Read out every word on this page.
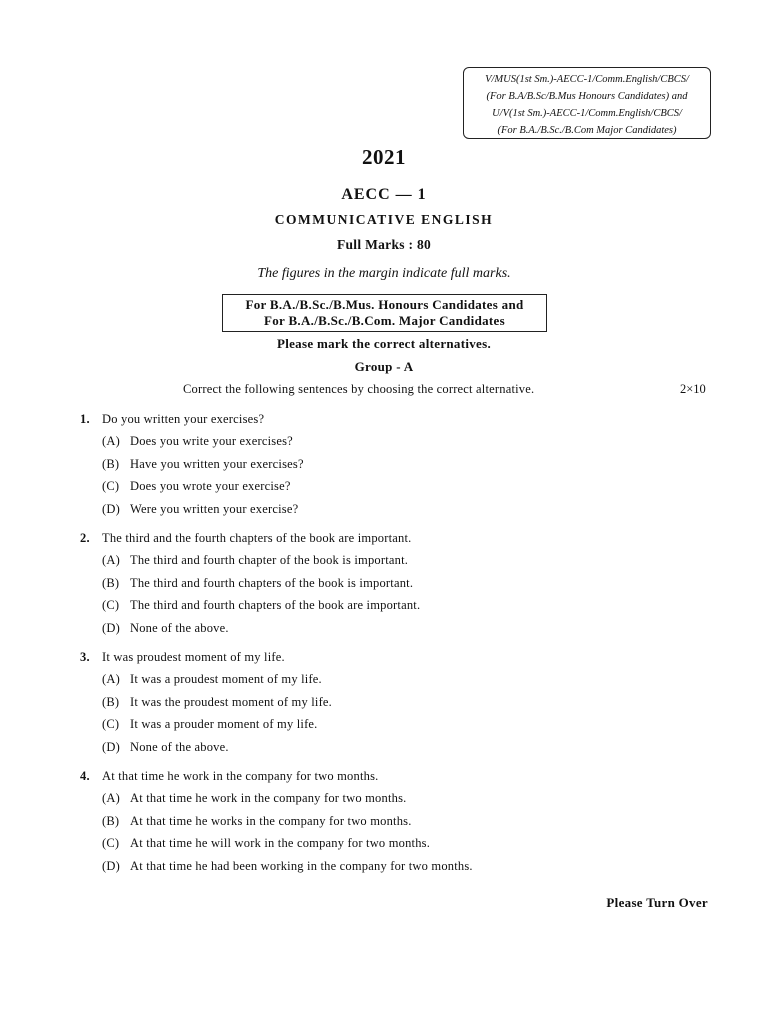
V/MUS(1st Sm.)-AECC-1/Comm.English/CBCS/
(For B.A/B.Sc/B.Mus Honours Candidates) and
U/V(1st Sm.)-AECC-1/Comm.English/CBCS/
(For B.A./B.Sc./B.Com Major Candidates)
2021
AECC — 1
COMMUNICATIVE ENGLISH
Full Marks : 80
The figures in the margin indicate full marks.
For B.A./B.Sc./B.Mus. Honours Candidates and
For B.A./B.Sc./B.Com. Major Candidates
Please mark the correct alternatives.
Group - A
Correct the following sentences by choosing the correct alternative.	2×10
1. Do you written your exercises?
(A) Does you write your exercises?
(B) Have you written your exercises?
(C) Does you wrote your exercise?
(D) Were you written your exercise?
2. The third and the fourth chapters of the book are important.
(A) The third and fourth chapter of the book is important.
(B) The third and fourth chapters of the book is important.
(C) The third and fourth chapters of the book are important.
(D) None of the above.
3. It was proudest moment of my life.
(A) It was a proudest moment of my life.
(B) It was the proudest moment of my life.
(C) It was a prouder moment of my life.
(D) None of the above.
4. At that time he work in the company for two months.
(A) At that time he work in the company for two months.
(B) At that time he works in the company for two months.
(C) At that time he will work in the company for two months.
(D) At that time he had been working in the company for two months.
Please Turn Over
